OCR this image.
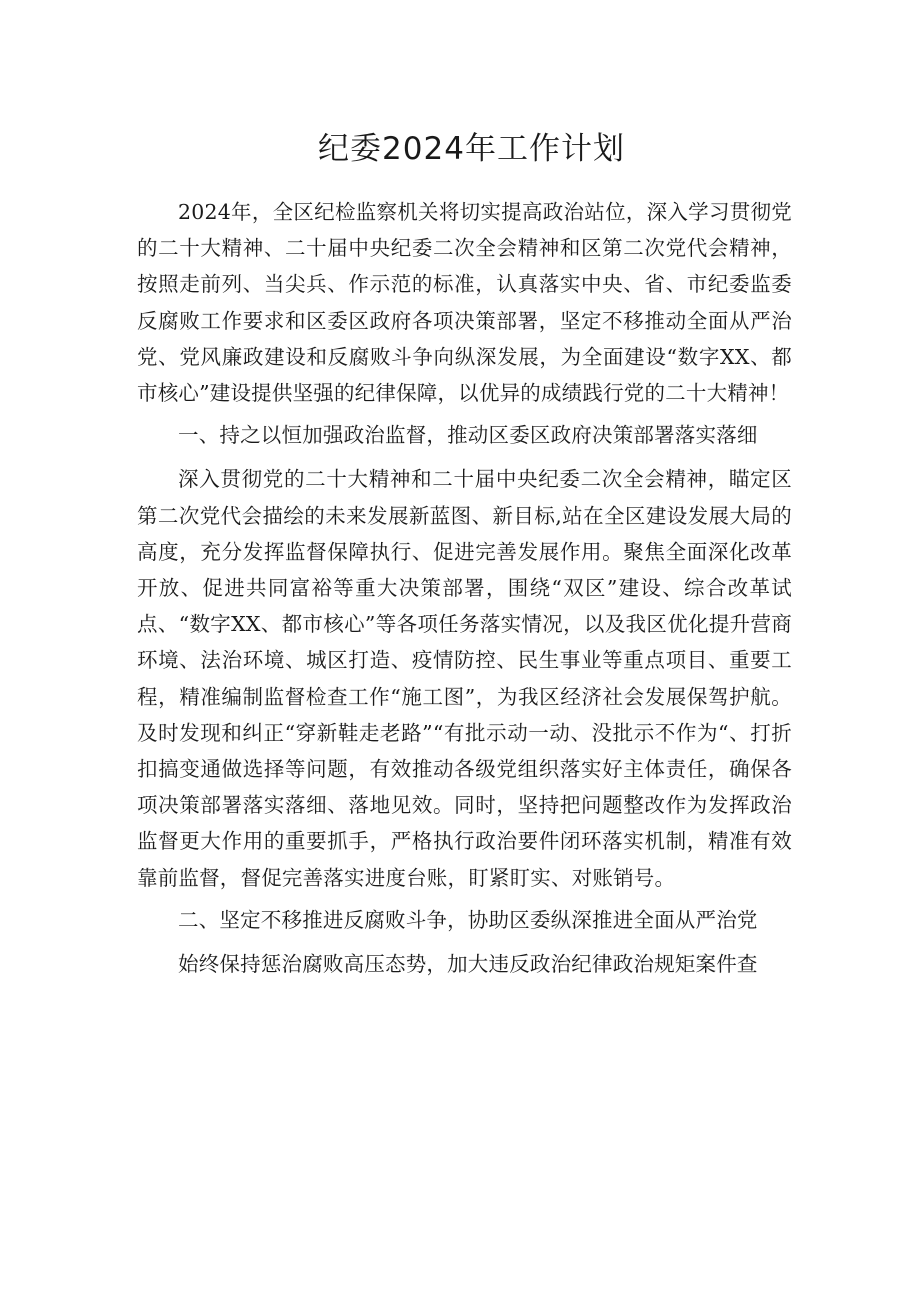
纪委2024年工作计划

2024年，全区纪检监察机关将切实提高政治站位，深入学习贯彻党的二十大精神、二十届中央纪委二次全会精神和区第二次党代会精神，按照走前列、当尖兵、作示范的标准，认真落实中央、省、市纪委监委反腐败工作要求和区委区政府各项决策部署，坚定不移推动全面从严治党、党风廉政建设和反腐败斗争向纵深发展，为全面建设“数字XX、都市核心”建设提供坚强的纪律保障，以优异的成绩践行党的二十大精神！

一、持之以恒加强政治监督，推动区委区政府决策部署落实落细

深入贯彻党的二十大精神和二十届中央纪委二次全会精神，瞄定区第二次党代会描绘的未来发展新蓝图、新目标,站在全区建设发展大局的高度，充分发挥监督保障执行、促进完善发展作用。聚焦全面深化改革开放、促进共同富裕等重大决策部署，围绕“双区”建设、综合改革试点、“数字XX、都市核心”等各项任务落实情况，以及我区优化提升营商环境、法治环境、城区打造、疫情防控、民生事业等重点项目、重要工程，精准编制监督检查工作“施工图”，为我区经济社会发展保驾护航。及时发现和纠正“穿新鞋走老路”“有批示动一动、没批示不作为“、打折扣搞变通做选择等问题，有效推动各级党组织落实好主体责任，确保各项决策部署落实落细、落地见效。同时，坚持把问题整改作为发挥政治监督更大作用的重要抓手，严格执行政治要件闭环落实机制，精准有效靠前监督，督促完善落实进度台账，盯紧盯实、对账销号。

二、坚定不移推进反腐败斗争，协助区委纵深推进全面从严治党

始终保持惩治腐败高压态势，加大违反政治纪律政治规矩案件查
